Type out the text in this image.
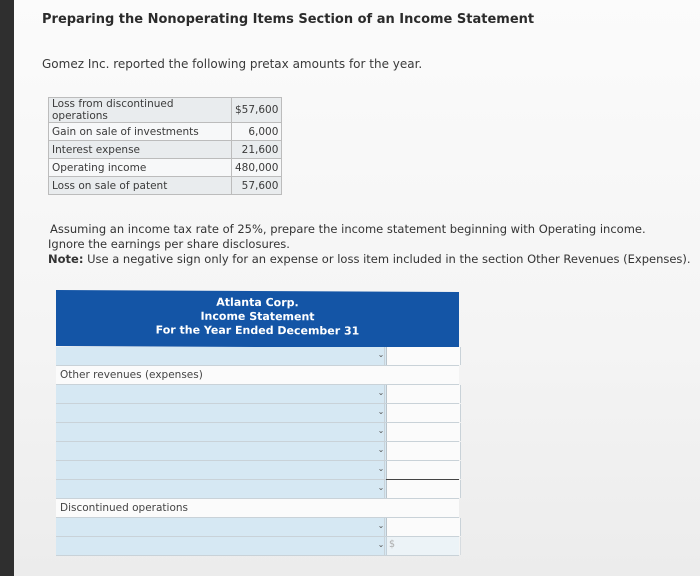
Preparing the Nonoperating Items Section of an Income Statement
Gomez Inc. reported the following pretax amounts for the year.
Loss from discontinued operations	$57,600
Gain on sale of investments	6,000
Interest expense	21,600
Operating income	480,000
Loss on sale of patent	57,600
Assuming an income tax rate of 25%, prepare the income statement beginning with Operating income.
Ignore the earnings per share disclosures.
Note: Use a negative sign only for an expense or loss item included in the section Other Revenues (Expenses).
Atlanta Corp.
Income Statement
For the Year Ended December 31
⌄
Other revenues (expenses)
⌄
⌄
⌄
⌄
⌄
⌄
Discontinued operations
⌄
⌄
